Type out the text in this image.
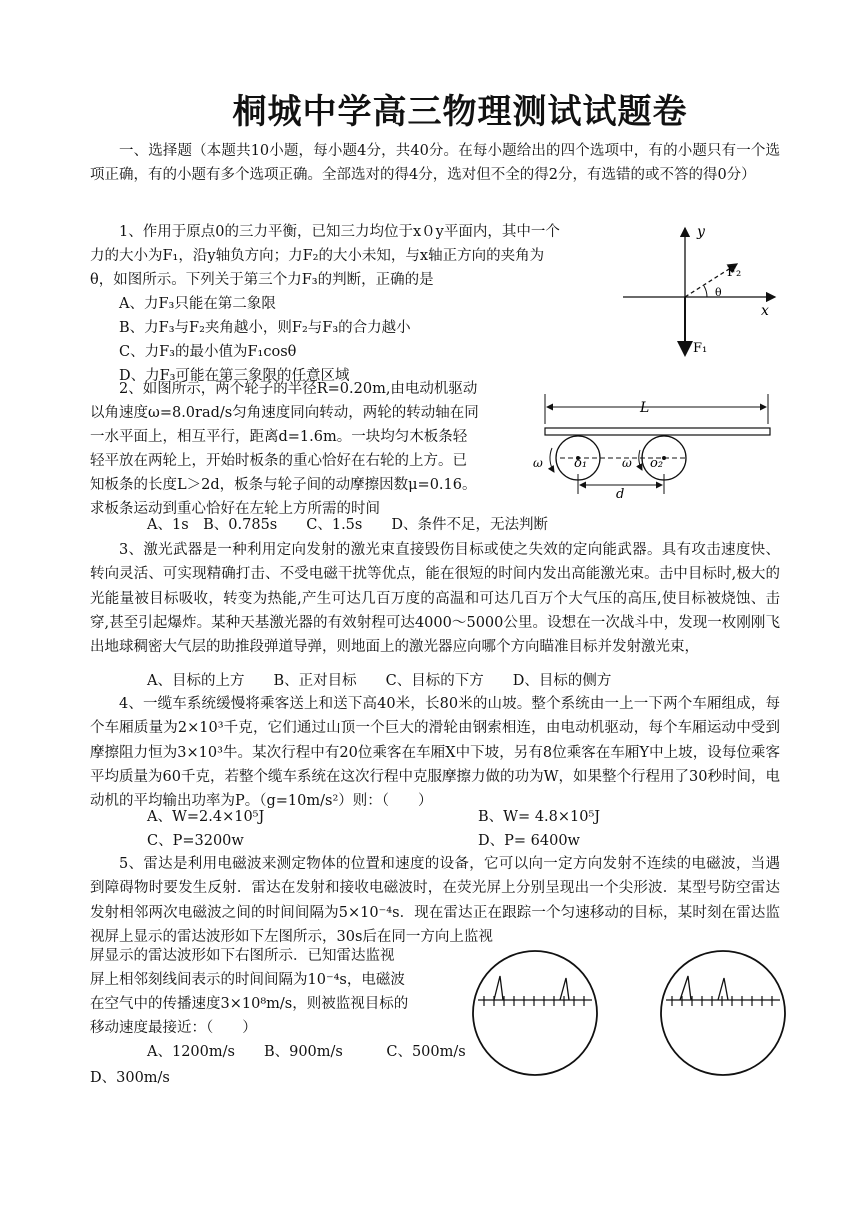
桐城中学高三物理测试试题卷
一、选择题（本题共10小题，每小题4分，共40分。在每小题给出的四个选项中，有的小题只有一个选项正确，有的小题有多个选项正确。全部选对的得4分，选对但不全的得2分，有选错的或不答的得0分）
1、作用于原点0的三力平衡，已知三力均位于x０y平面内，其中一个
力的大小为F₁，沿y轴负方向；力F₂的大小未知，与x轴正方向的夹角为
θ，如图所示。下列关于第三个力F₃的判断，正确的是
A、力F₃只能在第二象限
B、力F₃与F₂夹角越小，则F₂与F₃的合力越小
C、力F₃的最小值为F₁cosθ
D、力F₃可能在第三象限的任意区域
y
x
F₂
θ
F₁
2、如图所示，两个轮子的半径R=0.20m,由电动机驱动
以角速度ω=8.0rad/s匀角速度同向转动，两轮的转动轴在同
一水平面上，相互平行，距离d=1.6m。一块均匀木板条轻
轻平放在两轮上，开始时板条的重心恰好在右轮的上方。已
知板条的长度L＞2d，板条与轮子间的动摩擦因数μ=0.16。
求板条运动到重心恰好在左轮上方所需的时间
A、1s　B、0.785s　　C、1.5s　　D、条件不足，无法判断
L
d
o₁	o₂
ω	ω
3、激光武器是一种利用定向发射的激光束直接毁伤目标或使之失效的定向能武器。具有攻击速度快、转向灵活、可实现精确打击、不受电磁干扰等优点，能在很短的时间内发出高能激光束。击中目标时,极大的光能量被目标吸收，转变为热能,产生可达几百万度的高温和可达几百万个大气压的高压,使目标被烧蚀、击穿,甚至引起爆炸。某种天基激光器的有效射程可达4000～5000公里。设想在一次战斗中，发现一枚刚刚飞出地球稠密大气层的助推段弹道导弹，则地面上的激光器应向哪个方向瞄准目标并发射激光束，
A、目标的上方　　B、正对目标　　C、目标的下方　　D、目标的侧方
4、一缆车系统缓慢将乘客送上和送下高40米，长80米的山坡。整个系统由一上一下两个车厢组成，每个车厢质量为2×10³千克，它们通过山顶一个巨大的滑轮由钢索相连，由电动机驱动，每个车厢运动中受到摩擦阻力恒为3×10³牛。某次行程中有20位乘客在车厢X中下坡，另有8位乘客在车厢Y中上坡，设每位乘客平均质量为60千克，若整个缆车系统在这次行程中克服摩擦力做的功为W，如果整个行程用了30秒时间，电动机的平均输出功率为P。（g=10m/s²）则：（　　）
A、W=2.4×10⁵J	B、W= 4.8×10⁵J
C、P=3200w	D、P= 6400w
5、雷达是利用电磁波来测定物体的位置和速度的设备，它可以向一定方向发射不连续的电磁波，当遇到障碍物时要发生反射．雷达在发射和接收电磁波时，在荧光屏上分别呈现出一个尖形波．某型号防空雷达发射相邻两次电磁波之间的时间间隔为5×10⁻⁴s．现在雷达正在跟踪一个匀速移动的目标，某时刻在雷达监视屏上显示的雷达波形如下左图所示，30s后在同一方向上监视
屏显示的雷达波形如下右图所示．已知雷达监视
屏上相邻刻线间表示的时间间隔为10⁻⁴s，电磁波
在空气中的传播速度3×10⁸m/s，则被监视目标的
移动速度最接近：（　　）
A、1200m/s　　B、900m/s　　　C、500m/s
D、300m/s
